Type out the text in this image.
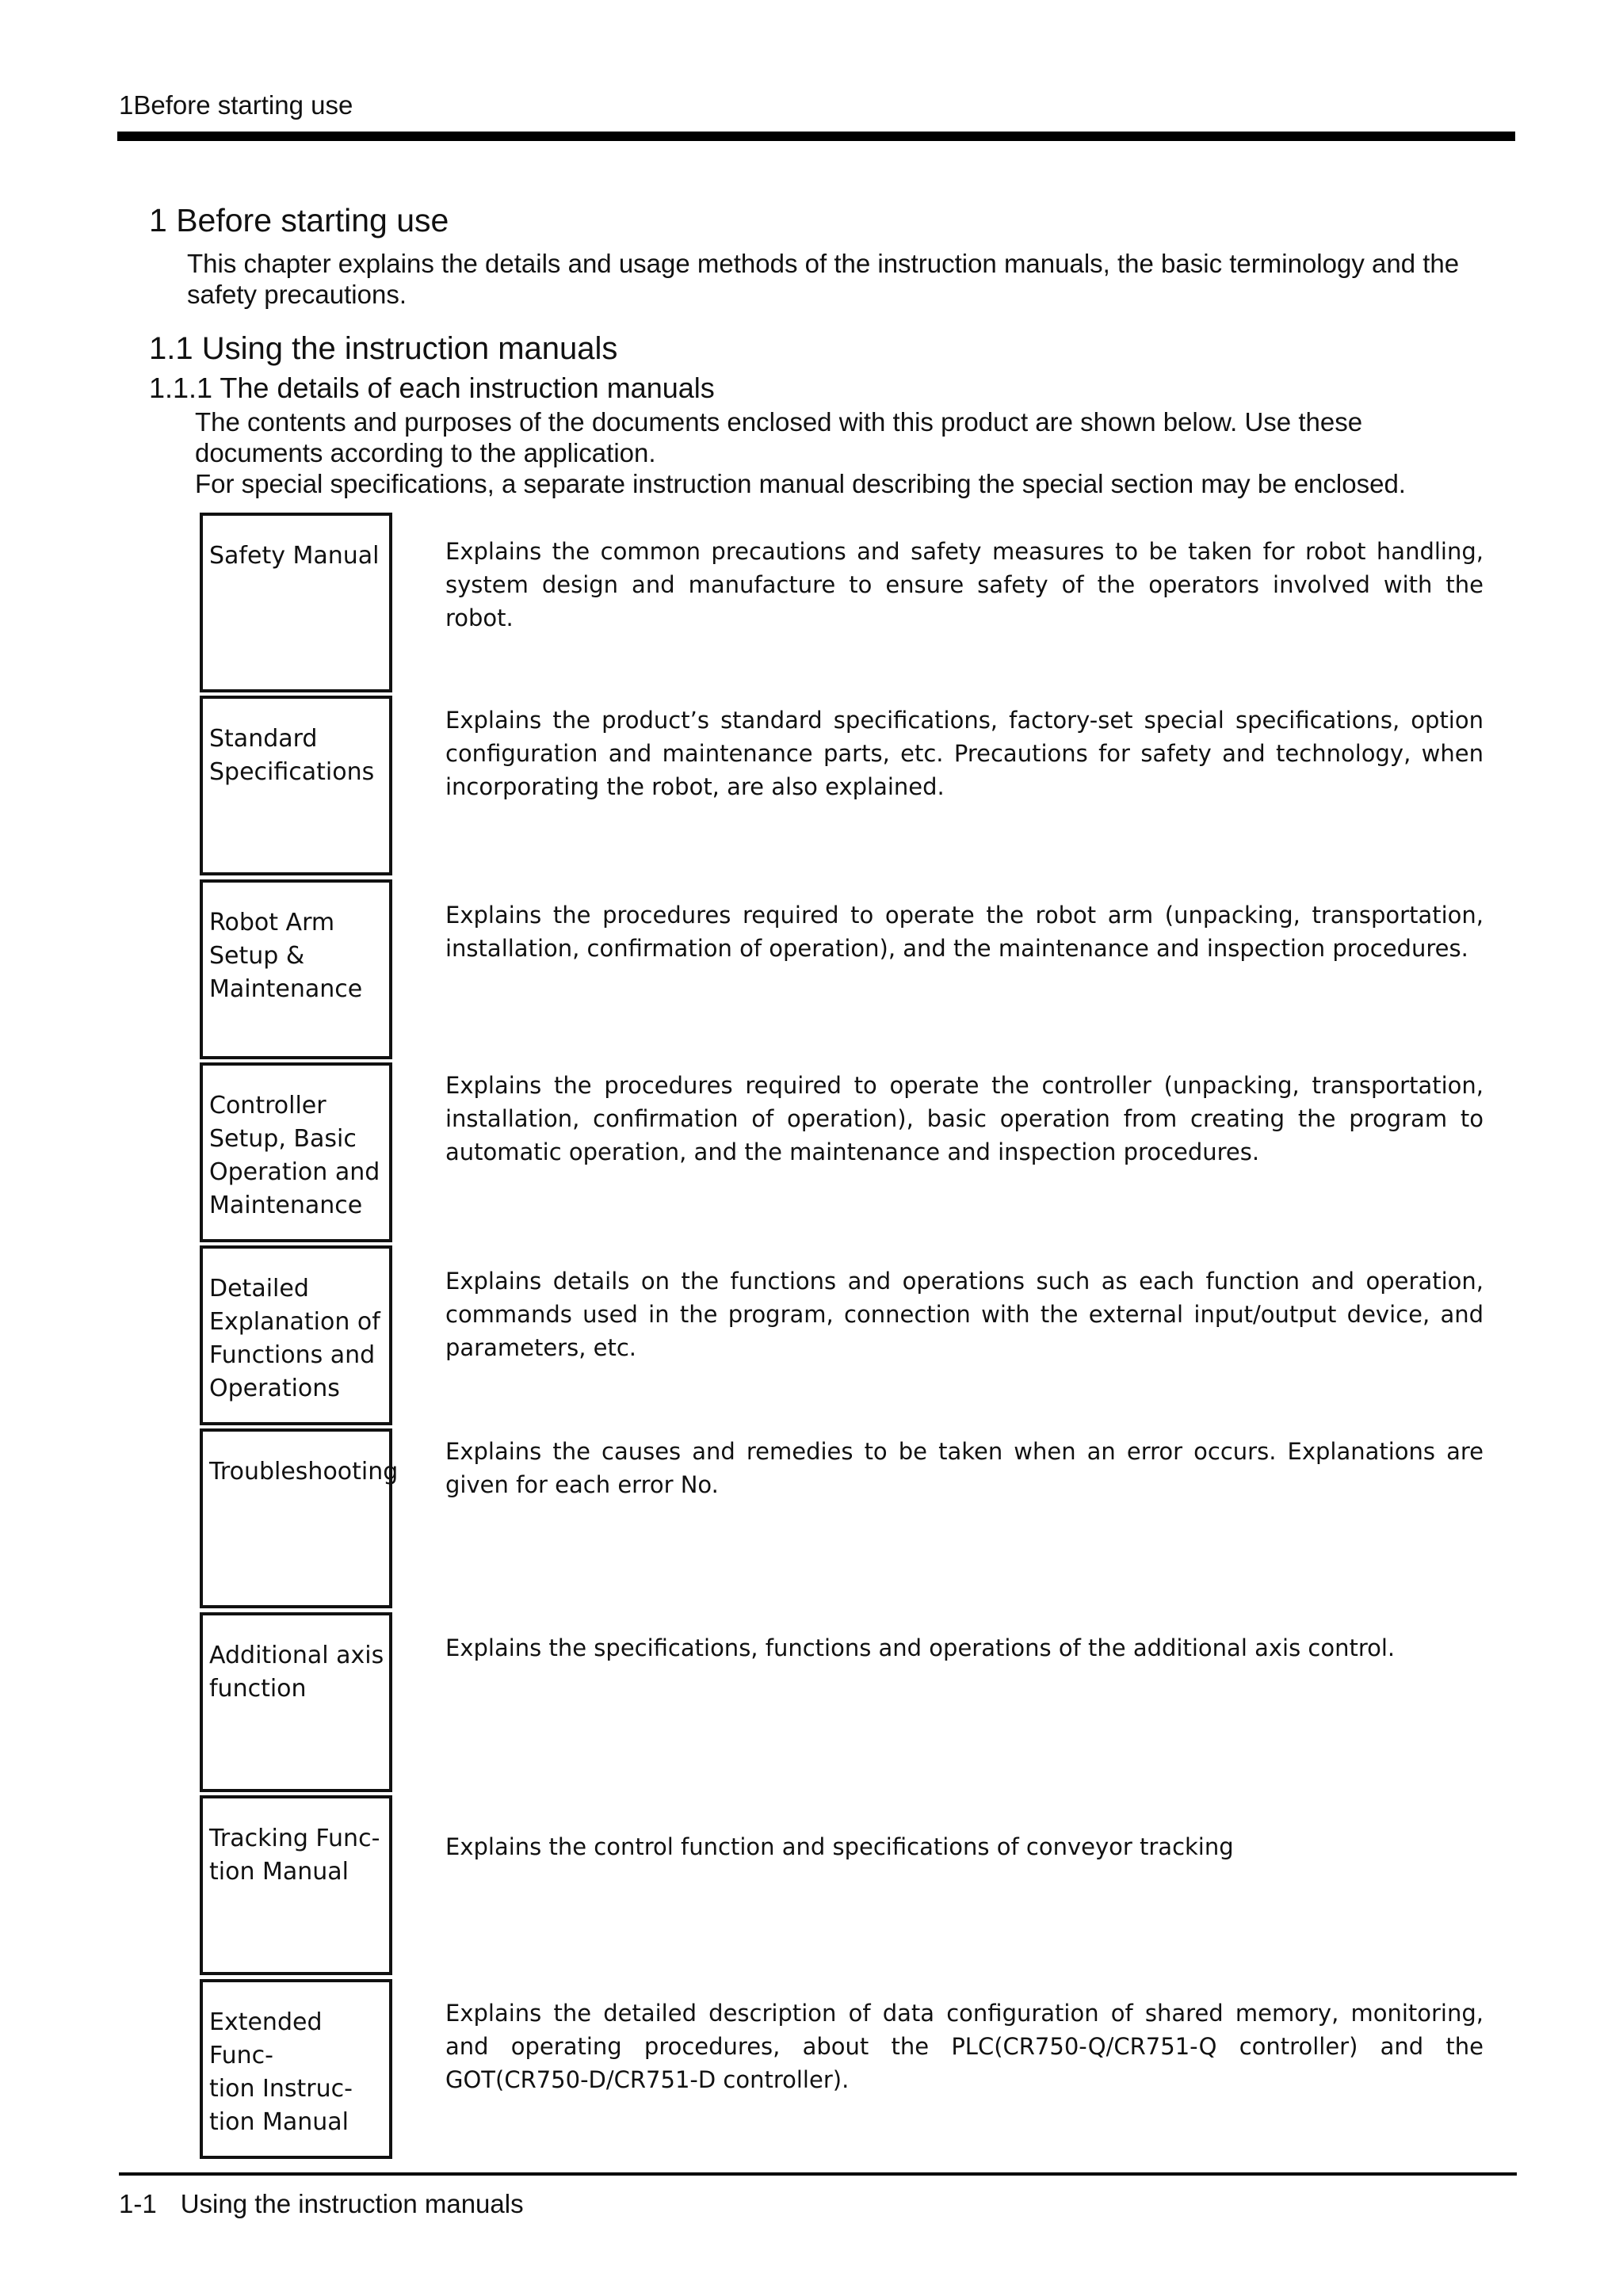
1Before starting use
1 Before starting use
This chapter explains the details and usage methods of the instruction manuals, the basic terminology and the safety precautions.
1.1 Using the instruction manuals
1.1.1 The details of each instruction manuals

The contents and purposes of the documents enclosed with this product are shown below. Use these documents according to the application.

For special specifications, a separate instruction manual describing the special section may be enclosed.

Safety Manual	Explains the common precautions and safety measures to be taken for robot handling, system design and manufacture to ensure safety of the operators involved with the robot.
Standard
Specifications
Explains the product’s standard specifications, factory-set special specifications, option configuration and maintenance parts, etc. Precautions for safety and technology, when incorporating the robot, are also explained.
Robot Arm
Setup &
Maintenance
Explains the procedures required to operate the robot arm (unpacking, transportation, installation, confirmation of operation), and the maintenance and inspection procedures.
Controller
Setup, Basic
Operation and
Maintenance
Explains the procedures required to operate the controller (unpacking, transportation, installation, confirmation of operation), basic operation from creating the program to automatic operation, and the maintenance and inspection procedures.
Detailed
Explanation of
Functions and
Operations
Explains details on the functions and operations such as each function and operation, commands used in the program, connection with the external input/output device, and parameters, etc.
Troubleshooting
Explains the causes and remedies to be taken when an error occurs. Explanations are given for each error No.
Additional axis
function
Explains the specifications, functions and operations of the additional axis control.
Tracking Func-
tion Manual
Explains the control function and specifications of conveyor tracking
Extended Func-
tion Instruc-
tion Manual
Explains the detailed description of data configuration of shared memory, monitoring, and operating procedures, about the PLC(CR750-Q/CR751-Q controller) and the GOT(CR750-D/CR751-D controller).
1-1 Using the instruction manuals
